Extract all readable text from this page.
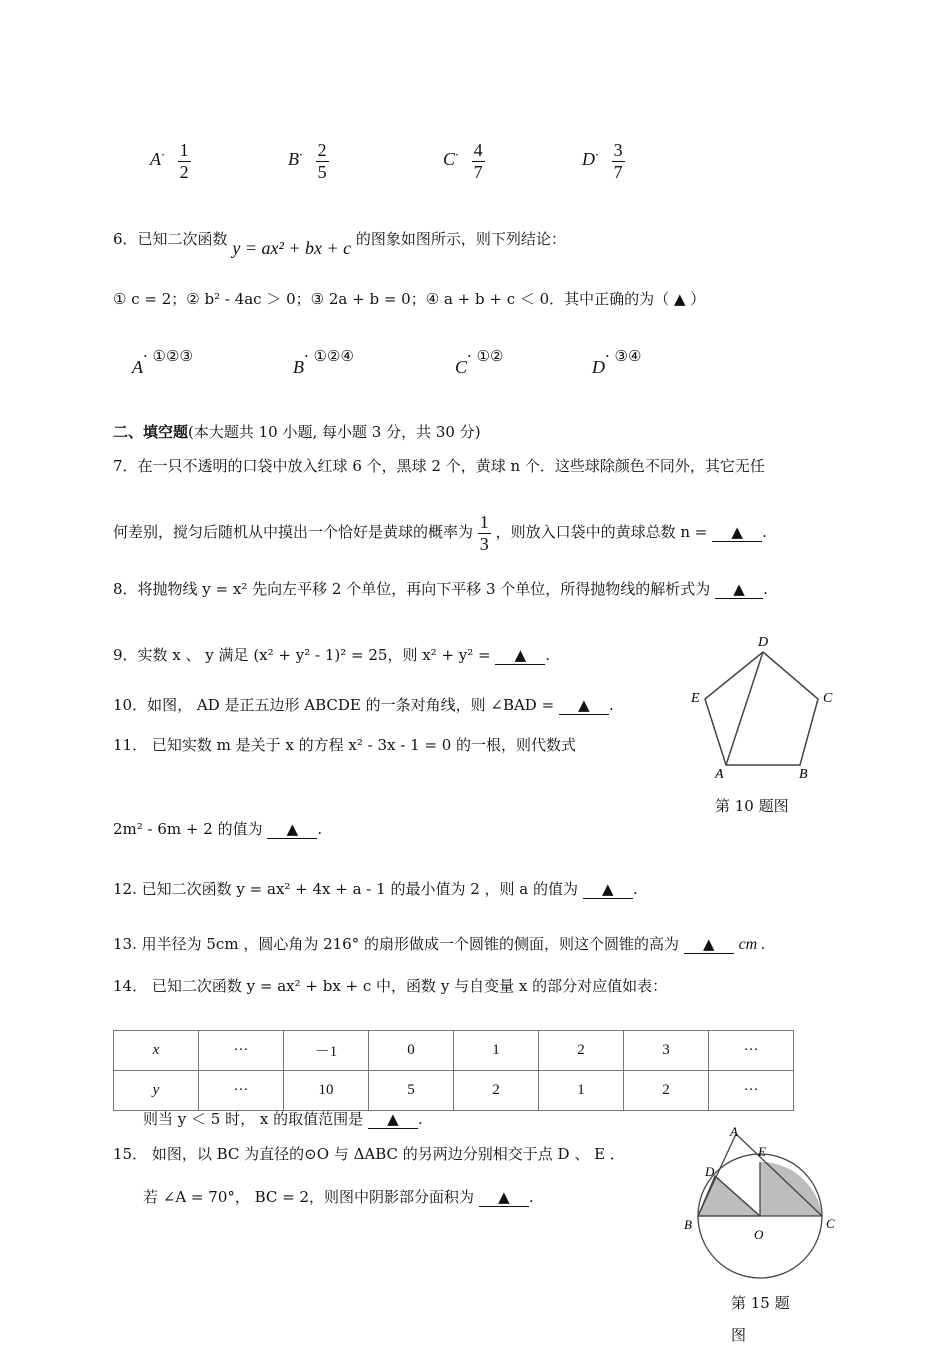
$A^\cdot \frac{1}{2}$	$B^\cdot \frac{2}{5}$	$C^\cdot \frac{4}{7}$	$D^\cdot \frac{3}{7}$
6．已知二次函数 y = ax² + bx + c 的图象如图所示，则下列结论：
① c = 2；② b² - 4ac ＞ 0；③ 2a + b = 0；④ a + b + c ＜ 0．其中正确的为（ ▲ ）
A· ①②③
B· ①②④
C· ①②
D· ③④
二、填空题(本大题共 10 小题, 每小题 3 分，共 30 分)
7．在一只不透明的口袋中放入红球 6 个，黑球 2 个，黄球 n 个．这些球除颜色不同外，其它无任
何差别，搅匀后随机从中摸出一个恰好是黄球的概率为 $\frac{1}{3}$ ，则放入口袋中的黄球总数 n = ▲ .
8．将抛物线 y = x² 先向左平移 2 个单位，再向下平移 3 个单位，所得抛物线的解析式为 ▲ .
9．实数 x 、 y 满足 (x² + y² - 1)² = 25，则 x² + y² = ▲ .
10．如图， AD 是正五边形 ABCDE 的一条对角线，则 ∠BAD = ▲ .
11． 已知实数 m 是关于 x 的方程 x² - 3x - 1 = 0 的一根，则代数式
2m² - 6m + 2 的值为 ▲ .
D
C
E
A	B
第 10 题图
12. 已知二次函数 y = ax² + 4x + a - 1 的最小值为 2 ，则 a 的值为 ▲ .
13. 用半径为 5cm ，圆心角为 216° 的扇形做成一个圆锥的侧面，则这个圆锥的高为 ▲ cm .
14． 已知二次函数 y = ax² + bx + c 中，函数 y 与自变量 x 的部分对应值如表：
x	···	－1	0	1	2	3	···
y	···	10	5	2	1	2	···
则当 y ＜ 5 时， x 的取值范围是 ▲ .
15． 如图，以 BC 为直径的⊙O 与 ΔABC 的另两边分别相交于点 D 、 E ．
若 ∠A = 70°， BC = 2，则图中阴影部分面积为 ▲ .
A
E
D
B	C
O
第 15 题
图
